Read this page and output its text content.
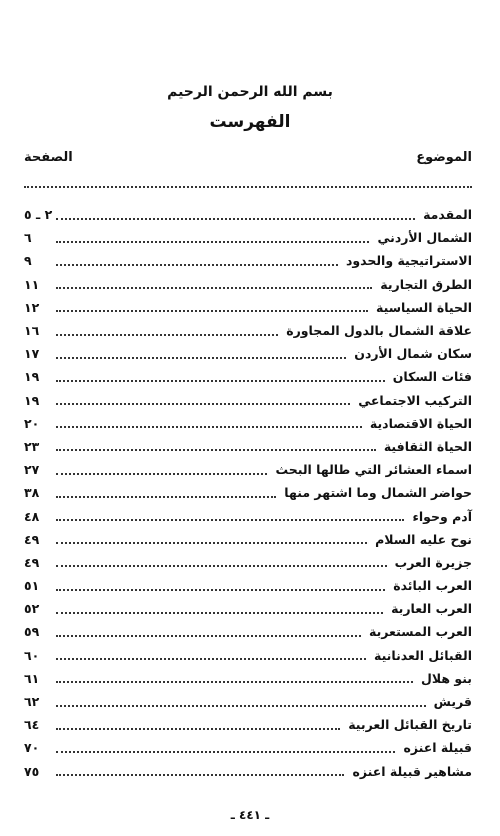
بسم الله الرحمن الرحيم
الفهرست
الموضوع
الصفحة
المقدمة
٢ ـ ٥
الشمال الأردني
٦
الاستراتيجية والحدود
٩
الطرق التجارية
١١
الحياة السياسية
١٢
علاقة الشمال بالدول المجاورة
١٦
سكان شمال الأردن
١٧
فئات السكان
١٩
التركيب الاجتماعي
١٩
الحياة الاقتصادية
٢٠
الحياة الثقافية
٢٣
اسماء العشائر التي طالها البحث
٢٧
حواضر الشمال وما اشتهر منها
٣٨
آدم وحواء
٤٨
نوح عليه السلام
٤٩
جزيرة العرب
٤٩
العرب البائدة
٥١
العرب العاربة
٥٢
العرب المستعربة
٥٩
القبائل العدنانية
٦٠
بنو هلال
٦١
قريش
٦٢
تاريخ القبائل العربية
٦٤
قبيلة اعنزه
٧٠
مشاهير قبيلة اعنزه
٧٥
ـ ٤٤١ ـ
